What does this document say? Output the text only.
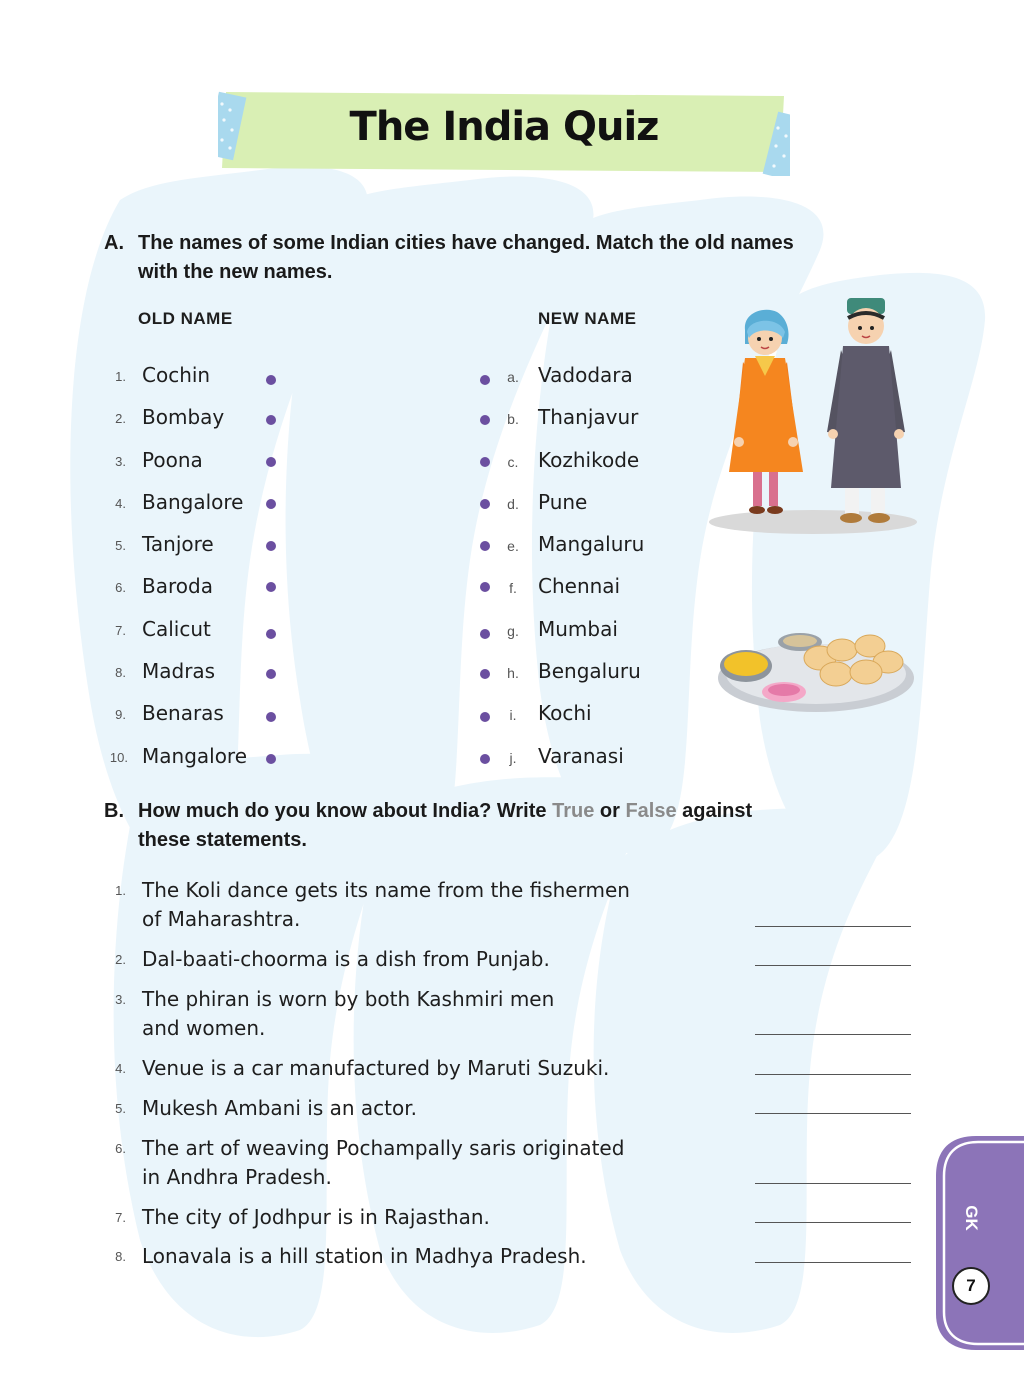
The India Quiz
A. The names of some Indian cities have changed. Match the old names
with the new names.
OLD NAME	NEW NAME
1. Cochin	a. Vadodara
2. Bombay	b. Thanjavur
3. Poona	c. Kozhikode
4. Bangalore	d. Pune
5. Tanjore	e. Mangaluru
6. Baroda	f.	Chennai
7. Calicut	g. Mumbai
8. Madras	h. Bengaluru
9. Benaras	i.	Kochi
10. Mangalore	j.	Varanasi
B. How much do you know about India? Write True or False against
these statements.
1. The Koli dance gets its name from the fishermen
of Maharashtra.
2. Dal-baati-choorma is a dish from Punjab.
3. The phiran is worn by both Kashmiri men
and women.
4. Venue is a car manufactured by Maruti Suzuki.
5. Mukesh Ambani is an actor.
6. The art of weaving Pochampally saris originated
in Andhra Pradesh.
7. The city of Jodhpur is in Rajasthan.
8. Lonavala is a hill station in Madhya Pradesh.
GK
7
